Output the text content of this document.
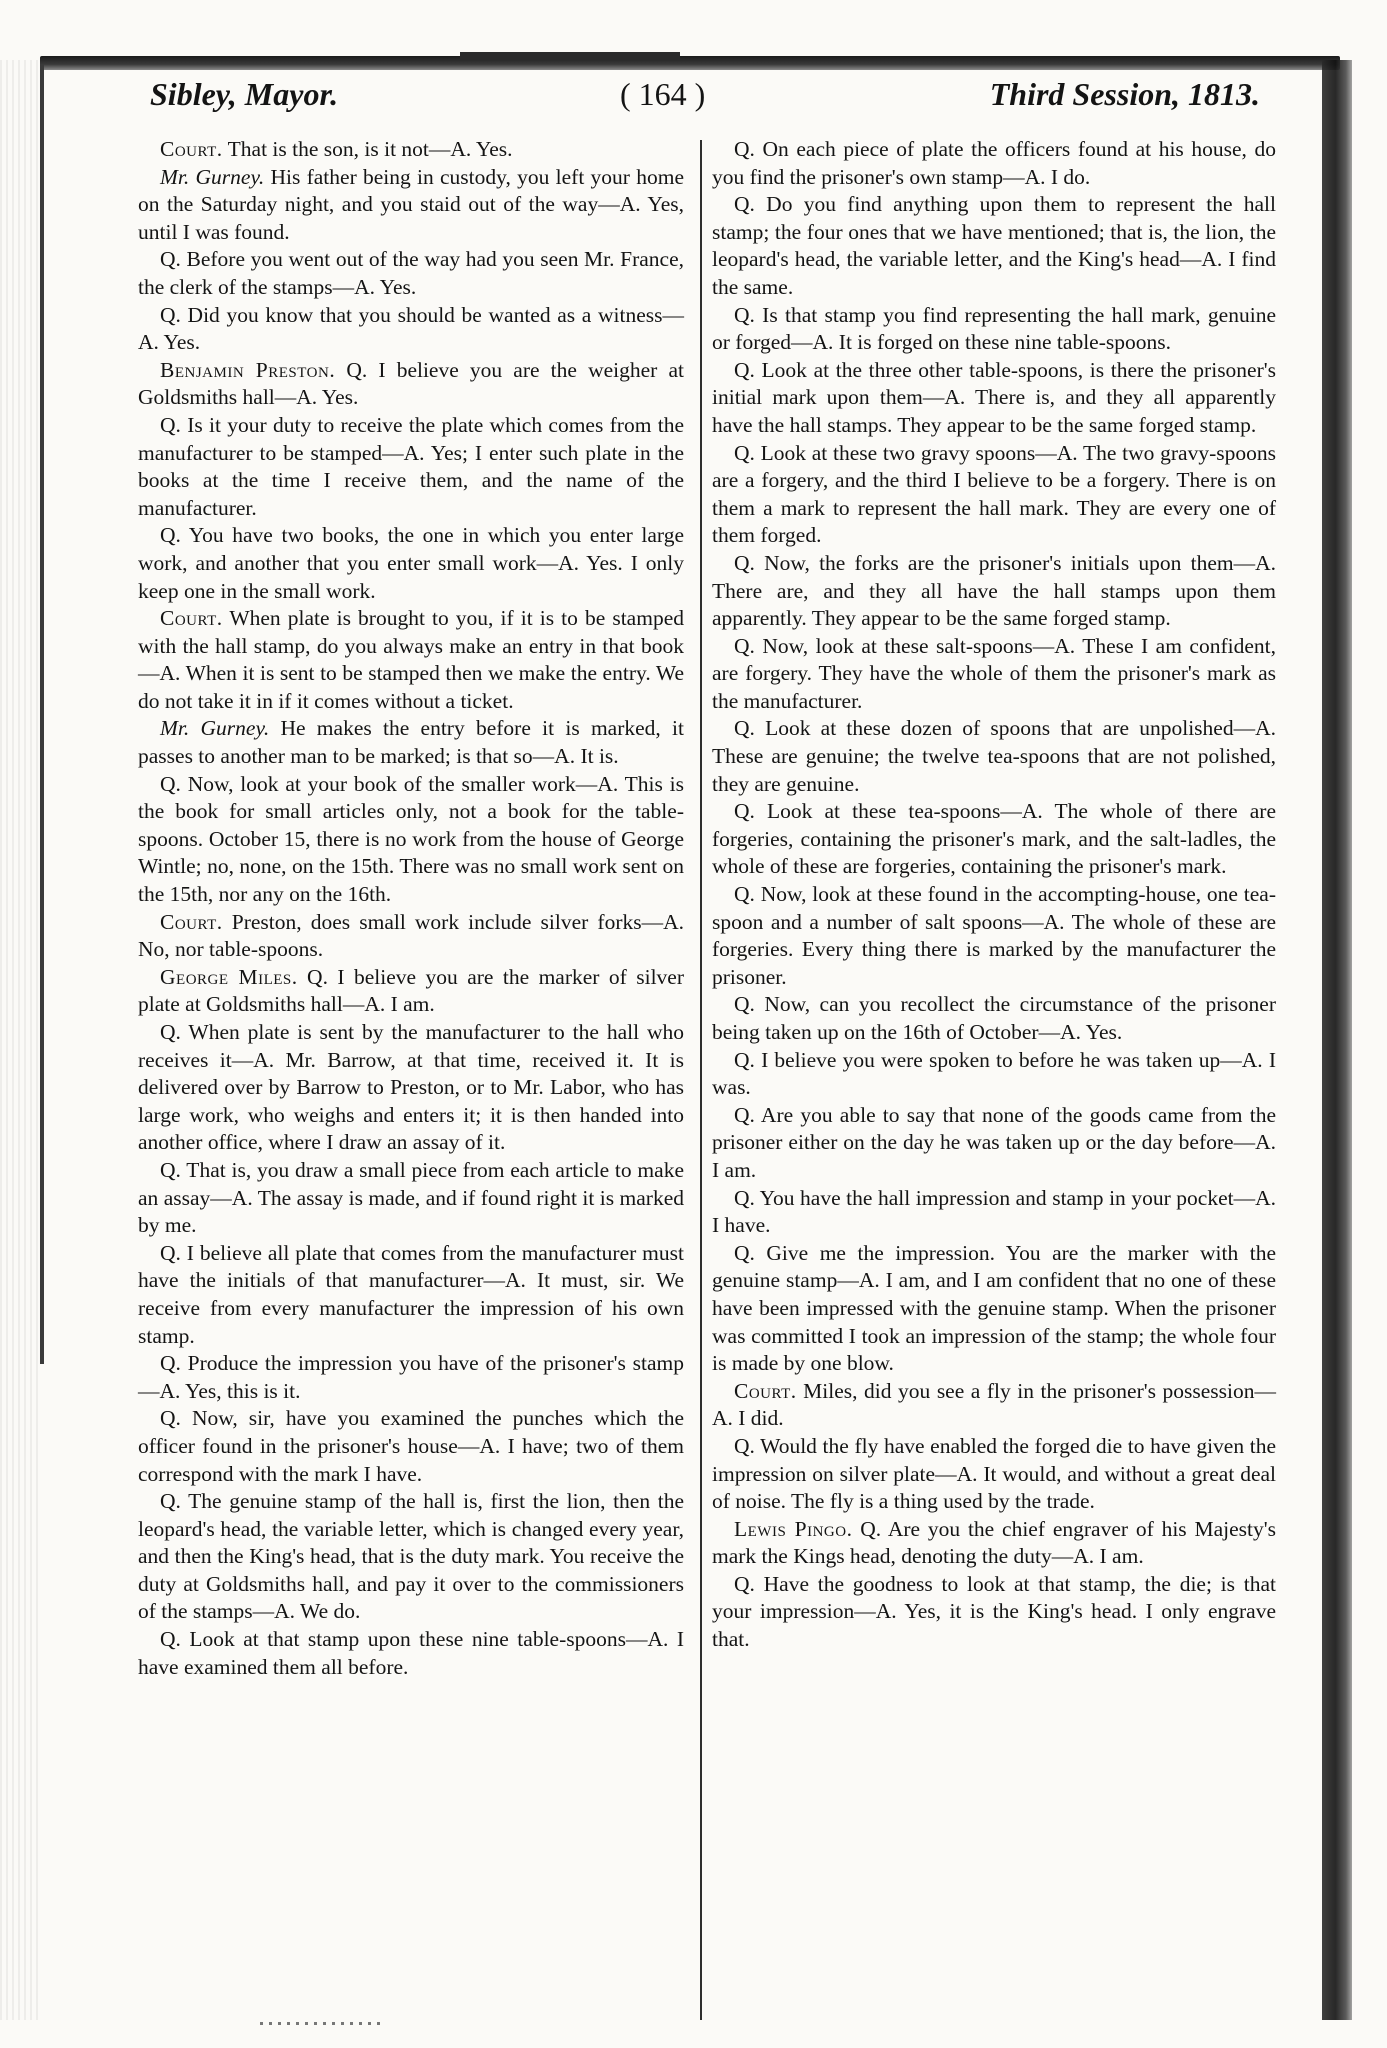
Sibley, Mayor.	( 164 )	Third Session, 1813.

Court. That is the son, is it not—A. Yes.

Mr. Gurney. His father being in custody, you left your home on the Saturday night, and you staid out of the way—A. Yes, until I was found.

Q. Before you went out of the way had you seen Mr. France, the clerk of the stamps—A. Yes.

Q. Did you know that you should be wanted as a witness—A. Yes.

Benjamin Preston. Q. I believe you are the weigher at Goldsmiths hall—A. Yes.

Q. Is it your duty to receive the plate which comes from the manufacturer to be stamped—A. Yes; I enter such plate in the books at the time I receive them, and the name of the manufacturer.

Q. You have two books, the one in which you enter large work, and another that you enter small work—A. Yes. I only keep one in the small work.

Court. When plate is brought to you, if it is to be stamped with the hall stamp, do you always make an entry in that book—A. When it is sent to be stamped then we make the entry. We do not take it in if it comes without a ticket.

Mr. Gurney. He makes the entry before it is marked, it passes to another man to be marked; is that so—A. It is.

Q. Now, look at your book of the smaller work—A. This is the book for small articles only, not a book for the table-spoons. October 15, there is no work from the house of George Wintle; no, none, on the 15th. There was no small work sent on the 15th, nor any on the 16th.

Court. Preston, does small work include silver forks—A. No, nor table-spoons.

George Miles. Q. I believe you are the marker of silver plate at Goldsmiths hall—A. I am.

Q. When plate is sent by the manufacturer to the hall who receives it—A. Mr. Barrow, at that time, received it. It is delivered over by Barrow to Preston, or to Mr. Labor, who has large work, who weighs and enters it; it is then handed into another office, where I draw an assay of it.

Q. That is, you draw a small piece from each article to make an assay—A. The assay is made, and if found right it is marked by me.

Q. I believe all plate that comes from the manufacturer must have the initials of that manufacturer—A. It must, sir. We receive from every manufacturer the impression of his own stamp.

Q. Produce the impression you have of the prisoner's stamp—A. Yes, this is it.

Q. Now, sir, have you examined the punches which the officer found in the prisoner's house—A. I have; two of them correspond with the mark I have.

Q. The genuine stamp of the hall is, first the lion, then the leopard's head, the variable letter, which is changed every year, and then the King's head, that is the duty mark. You receive the duty at Goldsmiths hall, and pay it over to the commissioners of the stamps—A. We do.

Q. Look at that stamp upon these nine table-spoons—A. I have examined them all before.

Q. On each piece of plate the officers found at his house, do you find the prisoner's own stamp—A. I do.

Q. Do you find anything upon them to represent the hall stamp; the four ones that we have mentioned; that is, the lion, the leopard's head, the variable letter, and the King's head—A. I find the same.

Q. Is that stamp you find representing the hall mark, genuine or forged—A. It is forged on these nine table-spoons.

Q. Look at the three other table-spoons, is there the prisoner's initial mark upon them—A. There is, and they all apparently have the hall stamps. They appear to be the same forged stamp.

Q. Look at these two gravy spoons—A. The two gravy-spoons are a forgery, and the third I believe to be a forgery. There is on them a mark to represent the hall mark. They are every one of them forged.

Q. Now, the forks are the prisoner's initials upon them—A. There are, and they all have the hall stamps upon them apparently. They appear to be the same forged stamp.

Q. Now, look at these salt-spoons—A. These I am confident, are forgery. They have the whole of them the prisoner's mark as the manufacturer.

Q. Look at these dozen of spoons that are unpolished—A. These are genuine; the twelve tea-spoons that are not polished, they are genuine.

Q. Look at these tea-spoons—A. The whole of there are forgeries, containing the prisoner's mark, and the salt-ladles, the whole of these are forgeries, containing the prisoner's mark.

Q. Now, look at these found in the accompting-house, one tea-spoon and a number of salt spoons—A. The whole of these are forgeries. Every thing there is marked by the manufacturer the prisoner.

Q. Now, can you recollect the circumstance of the prisoner being taken up on the 16th of October—A. Yes.

Q. I believe you were spoken to before he was taken up—A. I was.

Q. Are you able to say that none of the goods came from the prisoner either on the day he was taken up or the day before—A. I am.

Q. You have the hall impression and stamp in your pocket—A. I have.

Q. Give me the impression. You are the marker with the genuine stamp—A. I am, and I am confident that no one of these have been impressed with the genuine stamp. When the prisoner was committed I took an impression of the stamp; the whole four is made by one blow.

Court. Miles, did you see a fly in the prisoner's possession—A. I did.

Q. Would the fly have enabled the forged die to have given the impression on silver plate—A. It would, and without a great deal of noise. The fly is a thing used by the trade.

Lewis Pingo. Q. Are you the chief engraver of his Majesty's mark the Kings head, denoting the duty—A. I am.

Q. Have the goodness to look at that stamp, the die; is that your impression—A. Yes, it is the King's head. I only engrave that.
